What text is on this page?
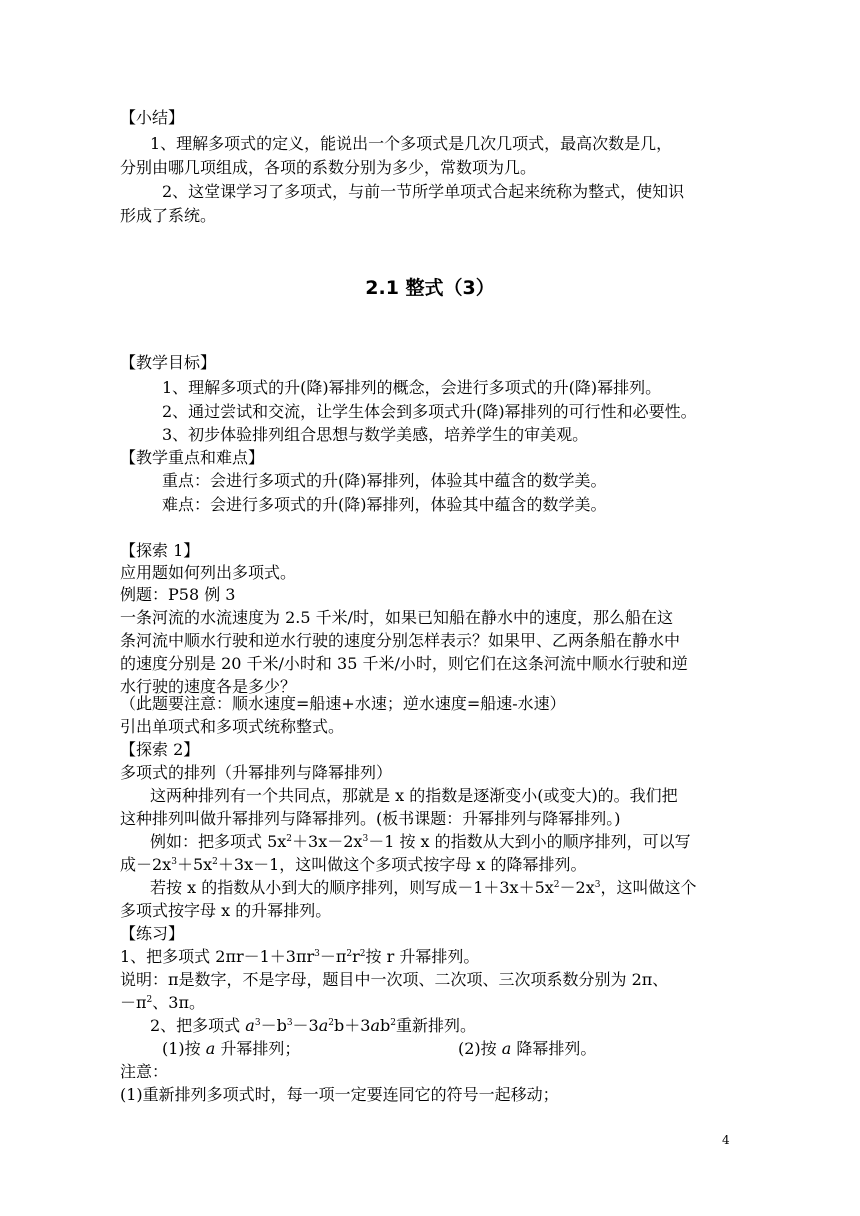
【小结】
1、理解多项式的定义，能说出一个多项式是几次几项式，最高次数是几，
分别由哪几项组成，各项的系数分别为多少，常数项为几。
2、这堂课学习了多项式，与前一节所学单项式合起来统称为整式，使知识
形成了系统。
2.1 整式（3）
【教学目标】
1、理解多项式的升(降)幂排列的概念，会进行多项式的升(降)幂排列。
2、通过尝试和交流，让学生体会到多项式升(降)幂排列的可行性和必要性。
3、初步体验排列组合思想与数学美感，培养学生的审美观。
【教学重点和难点】
重点：会进行多项式的升(降)幂排列，体验其中蕴含的数学美。
难点：会进行多项式的升(降)幂排列，体验其中蕴含的数学美。
【探索 1】
应用题如何列出多项式。
例题：P58 例 3
一条河流的水流速度为 2.5 千米/时，如果已知船在静水中的速度，那么船在这
条河流中顺水行驶和逆水行驶的速度分别怎样表示？如果甲、乙两条船在静水中
的速度分别是 20 千米/小时和 35 千米/小时，则它们在这条河流中顺水行驶和逆
水行驶的速度各是多少？
（此题要注意：顺水速度=船速+水速；逆水速度=船速-水速）
引出单项式和多项式统称整式。
【探索 2】
多项式的排列（升幂排列与降幂排列）
这两种排列有一个共同点，那就是 x 的指数是逐渐变小(或变大)的。我们把
这种排列叫做升幂排列与降幂排列。(板书课题：升幂排列与降幂排列。)
例如：把多项式 $5x^2+3x-2x^3-1$ 按 x 的指数从大到小的顺序排列，可以写
成$-2x^3+5x^2+3x-1$，这叫做这个多项式按字母 x 的降幂排列。
若按 x 的指数从小到大的顺序排列，则写成$-1+3x+5x^2-2x^3$，这叫做这个
多项式按字母 x 的升幂排列。
【练习】
1、把多项式 $2\pi r-1+3\pi r^3-\pi^2r^2$按 r 升幂排列。
说明：π是数字，不是字母，题目中一次项、二次项、三次项系数分别为 2π、
$-\pi^2$、3π。
2、把多项式 $a^3-b^3-3a^2b+3ab^2$重新排列。
(1)按 a 升幂排列；	(2)按 a 降幂排列。
注意：
(1)重新排列多项式时，每一项一定要连同它的符号一起移动；
4
